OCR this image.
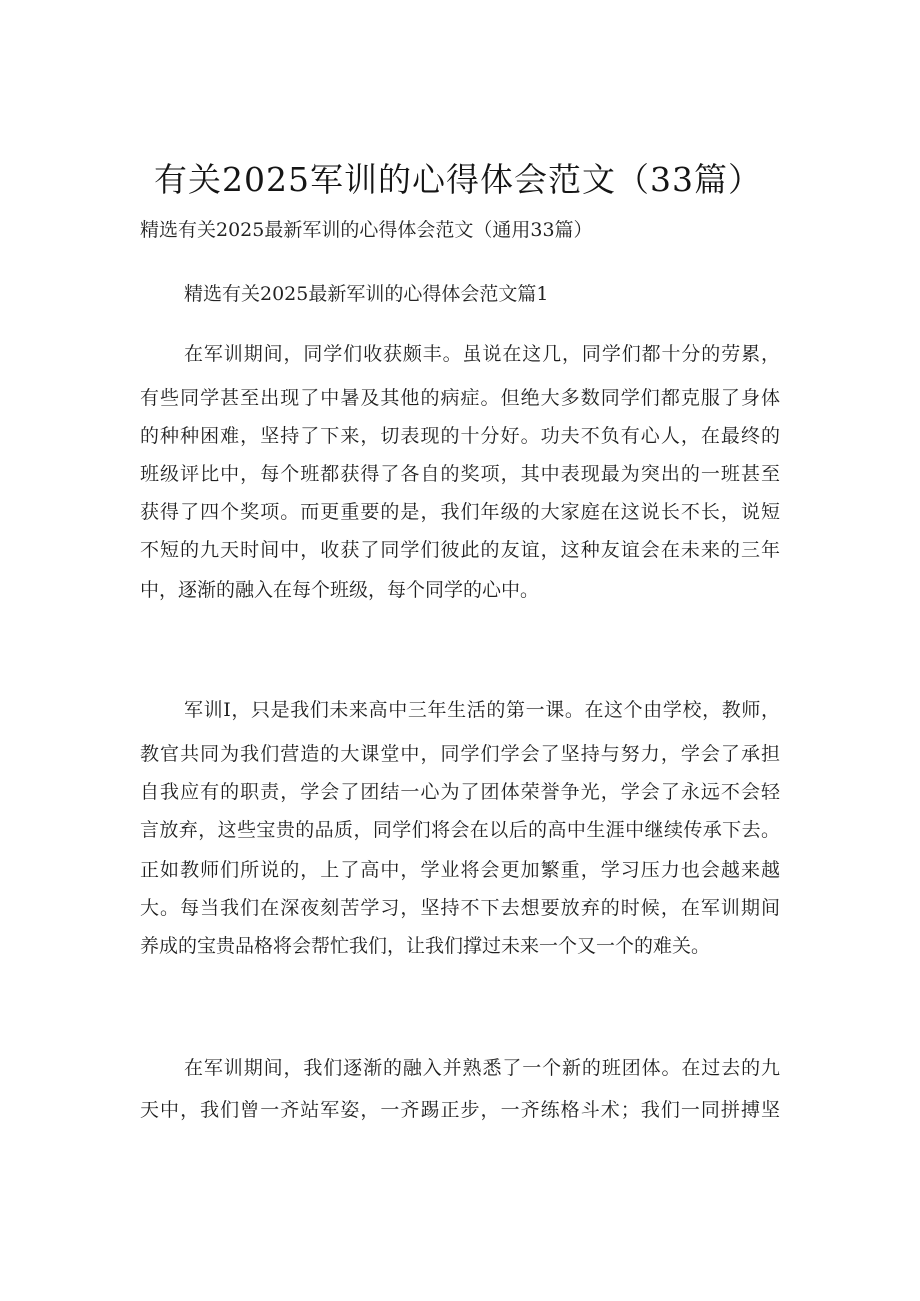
有关2025军训的心得体会范文（33篇）
精选有关2025最新军训的心得体会范文（通用33篇）
精选有关2025最新军训的心得体会范文篇1
在军训期间，同学们收获颇丰。虽说在这几，同学们都十分的劳累，
有些同学甚至出现了中暑及其他的病症。但绝大多数同学们都克服了身体
的种种困难，坚持了下来，切表现的十分好。功夫不负有心人，在最终的
班级评比中，每个班都获得了各自的奖项，其中表现最为突出的一班甚至
获得了四个奖项。而更重要的是，我们年级的大家庭在这说长不长，说短
不短的九天时间中，收获了同学们彼此的友谊，这种友谊会在未来的三年
中，逐渐的融入在每个班级，每个同学的心中。
军训I，只是我们未来高中三年生活的第一课。在这个由学校，教师，
教官共同为我们营造的大课堂中，同学们学会了坚持与努力，学会了承担
自我应有的职责，学会了团结一心为了团体荣誉争光，学会了永远不会轻
言放弃，这些宝贵的品质，同学们将会在以后的高中生涯中继续传承下去。
正如教师们所说的，上了高中，学业将会更加繁重，学习压力也会越来越
大。每当我们在深夜刻苦学习，坚持不下去想要放弃的时候，在军训期间
养成的宝贵品格将会帮忙我们，让我们撑过未来一个又一个的难关。
在军训期间，我们逐渐的融入并熟悉了一个新的班团体。在过去的九
天中，我们曾一齐站军姿，一齐踢正步，一齐练格斗术；我们一同拼搏坚
